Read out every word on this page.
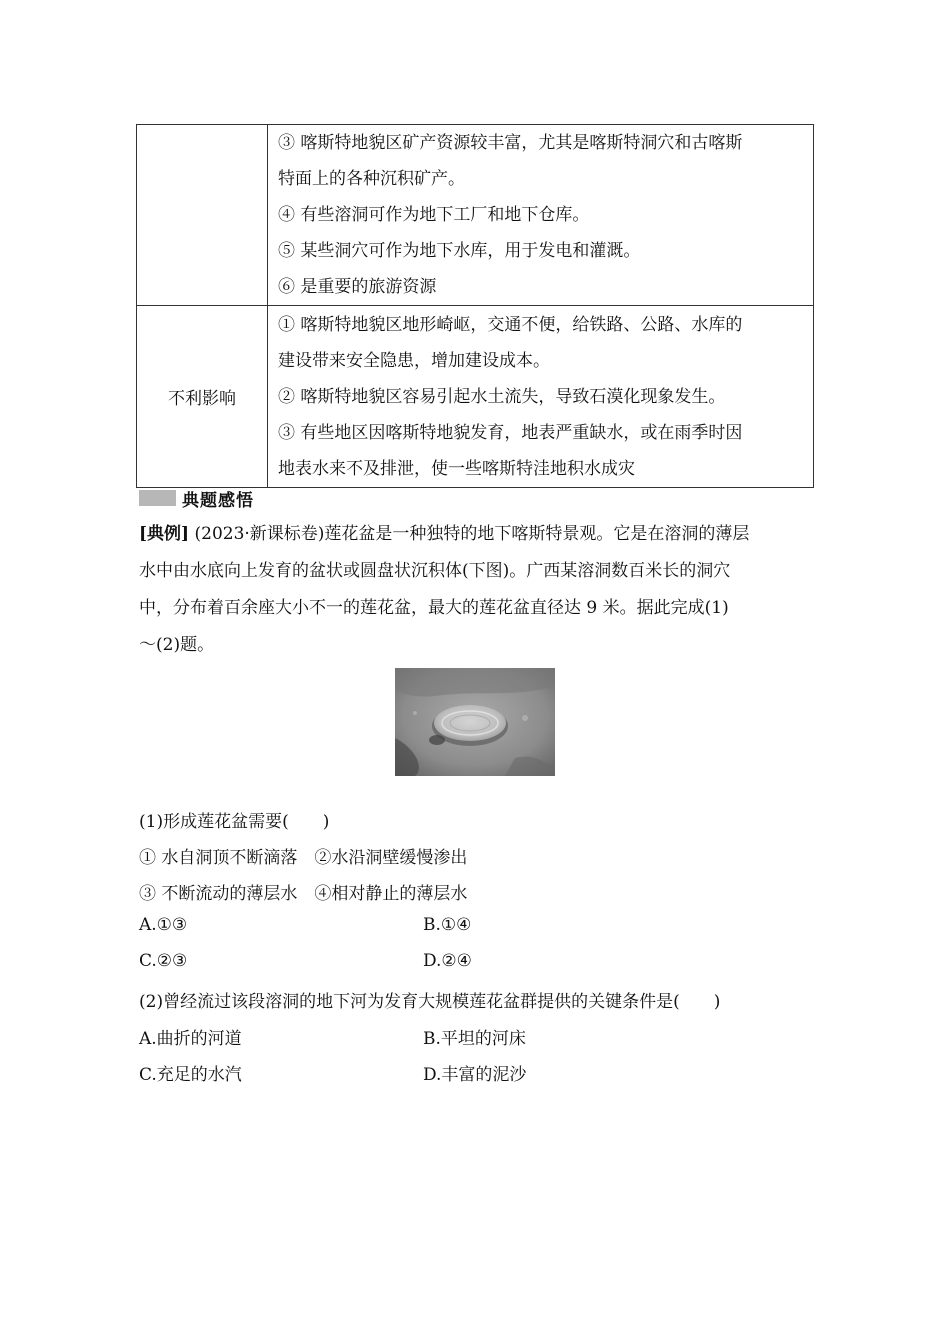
	③ 喀斯特地貌区矿产资源较丰富，尤其是喀斯特洞穴和古喀斯
特面上的各种沉积矿产。
④ 有些溶洞可作为地下工厂和地下仓库。
⑤ 某些洞穴可作为地下水库，用于发电和灌溉。
⑥ 是重要的旅游资源

不利影响	① 喀斯特地貌区地形崎岖，交通不便，给铁路、公路、水库的
建设带来安全隐患，增加建设成本。
② 喀斯特地貌区容易引起水土流失，导致石漠化现象发生。
③ 有些地区因喀斯特地貌发育，地表严重缺水，或在雨季时因
地表水来不及排泄，使一些喀斯特洼地积水成灾
典题感悟
[典例] (2023·新课标卷)莲花盆是一种独特的地下喀斯特景观。它是在溶洞的薄层
水中由水底向上发育的盆状或圆盘状沉积体(下图)。广西某溶洞数百米长的洞穴
中，分布着百余座大小不一的莲花盆，最大的莲花盆直径达 9 米。据此完成(1)
～(2)题。
(1)形成莲花盆需要(　　)
① 水自洞顶不断滴落　②水沿洞壁缓慢渗出
③ 不断流动的薄层水　④相对静止的薄层水
A.①③	B.①④
C.②③	D.②④
(2)曾经流过该段溶洞的地下河为发育大规模莲花盆群提供的关键条件是(　　)
A.曲折的河道	B.平坦的河床
C.充足的水汽	D.丰富的泥沙
